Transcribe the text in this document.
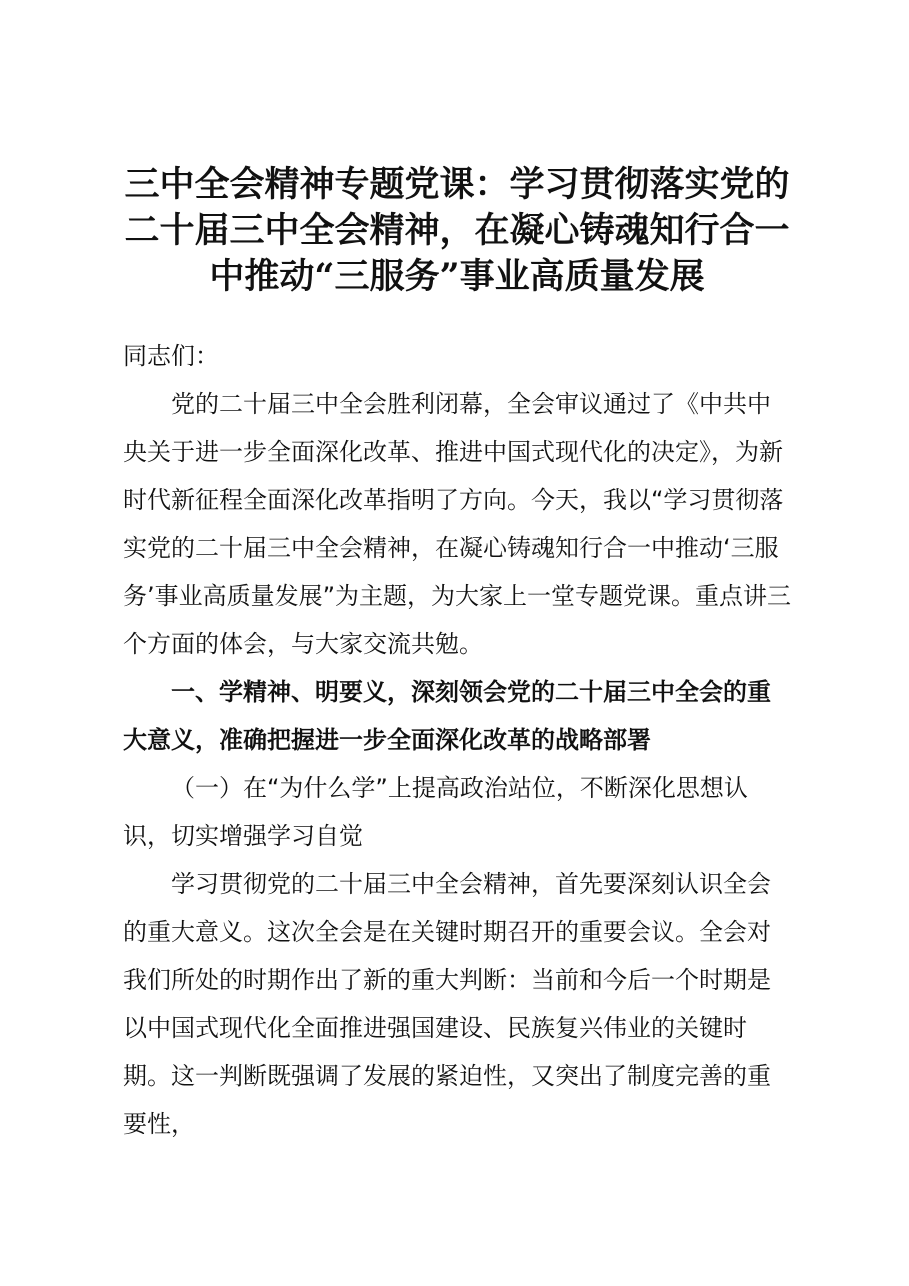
三中全会精神专题党课：学习贯彻落实党的二十届三中全会精神，在凝心铸魂知行合一中推动“三服务”事业高质量发展

同志们：

党的二十届三中全会胜利闭幕，全会审议通过了《中共中央关于进一步全面深化改革、推进中国式现代化的决定》，为新时代新征程全面深化改革指明了方向。今天，我以“学习贯彻落实党的二十届三中全会精神，在凝心铸魂知行合一中推动‘三服务’事业高质量发展”为主题，为大家上一堂专题党课。重点讲三个方面的体会，与大家交流共勉。

一、学精神、明要义，深刻领会党的二十届三中全会的重大意义，准确把握进一步全面深化改革的战略部署

（一）在“为什么学”上提高政治站位，不断深化思想认识，切实增强学习自觉

学习贯彻党的二十届三中全会精神，首先要深刻认识全会的重大意义。这次全会是在关键时期召开的重要会议。全会对我们所处的时期作出了新的重大判断：当前和今后一个时期是以中国式现代化全面推进强国建设、民族复兴伟业的关键时期。这一判断既强调了发展的紧迫性，又突出了制度完善的重要性，
